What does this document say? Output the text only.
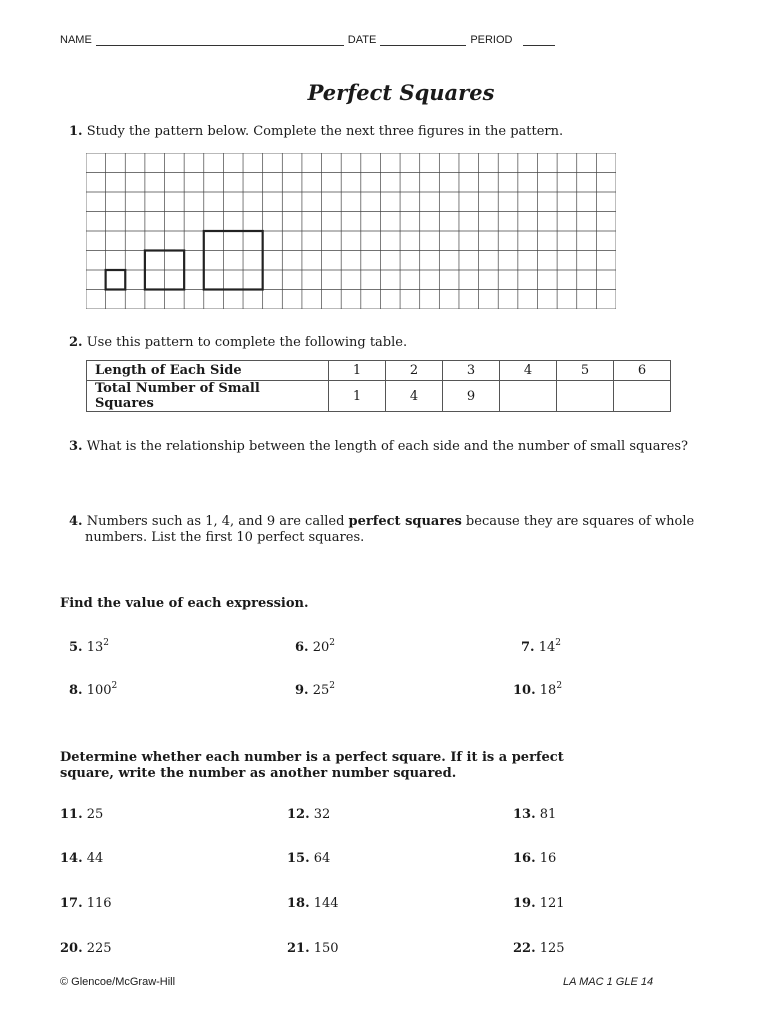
NAME	DATE	PERIOD
Perfect Squares
1. Study the pattern below. Complete the next three figures in the pattern.
2. Use this pattern to complete the following table.
Length of Each Side	1	2	3	4	5	6
Total Number of Small Squares	1	4	9			
3. What is the relationship between the length of each side and the number of small squares?
4. Numbers such as 1, 4, and 9 are called perfect squares because they are squares of whole
numbers. List the first 10 perfect squares.
Find the value of each expression.
5. $13^2$	6. $20^2$	7. $14^2$
8. $100^2$	9. $25^2$	10. $18^2$
Determine whether each number is a perfect square. If it is a perfect
square, write the number as another number squared.
11. 25	12. 32	13. 81
14. 44	15. 64	16. 16
17. 116	18. 144	19. 121
20. 225	21. 150	22. 125
© Glencoe/McGraw-Hill	LA MAC 1 GLE 14
